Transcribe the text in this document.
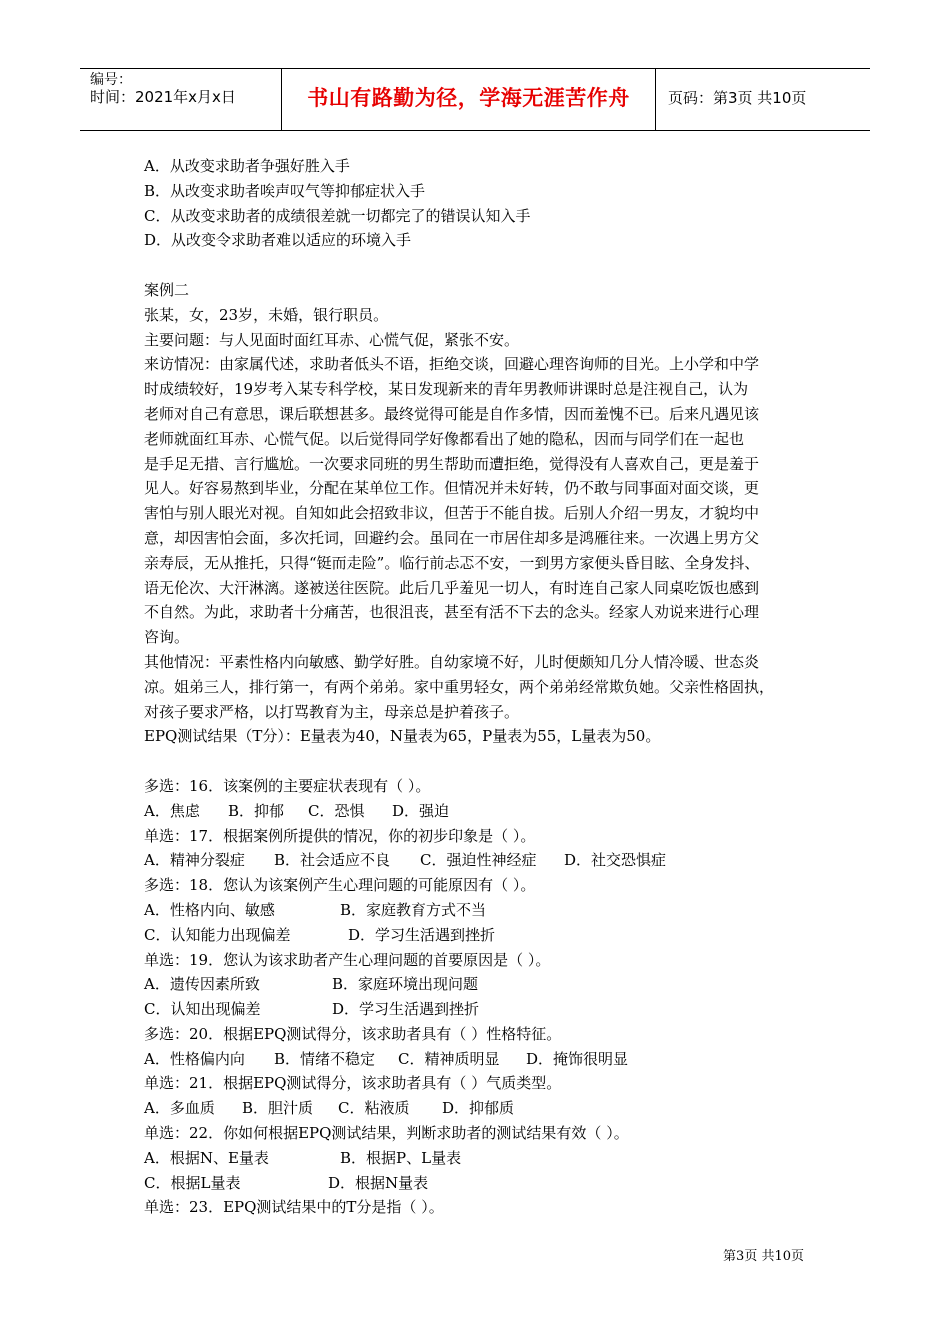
编号：
时间：2021年x月x日	书山有路勤为径，学海无涯苦作舟	页码：第3页 共10页
A．从改变求助者争强好胜入手
B．从改变求助者唉声叹气等抑郁症状入手
C．从改变求助者的成绩很差就一切都完了的错误认知入手
D．从改变令求助者难以适应的环境入手
案例二
张某，女，23岁，未婚，银行职员。
主要问题：与人见面时面红耳赤、心慌气促，紧张不安。
来访情况：由家属代述，求助者低头不语，拒绝交谈，回避心理咨询师的目光。上小学和中学
时成绩较好，19岁考入某专科学校，某日发现新来的青年男教师讲课时总是注视自己，认为
老师对自己有意思，课后联想甚多。最终觉得可能是自作多情，因而羞愧不已。后来凡遇见该
老师就面红耳赤、心慌气促。以后觉得同学好像都看出了她的隐私，因而与同学们在一起也
是手足无措、言行尴尬。一次要求同班的男生帮助而遭拒绝，觉得没有人喜欢自己，更是羞于
见人。好容易熬到毕业，分配在某单位工作。但情况并未好转，仍不敢与同事面对面交谈，更
害怕与别人眼光对视。自知如此会招致非议，但苦于不能自拔。后别人介绍一男友，才貌均中
意，却因害怕会面，多次托词，回避约会。虽同在一市居住却多是鸿雁往来。一次遇上男方父
亲寿辰，无从推托，只得“铤而走险”。临行前忐忑不安，一到男方家便头昏目眩、全身发抖、
语无伦次、大汗淋漓。遂被送往医院。此后几乎羞见一切人，有时连自己家人同桌吃饭也感到
不自然。为此，求助者十分痛苦，也很沮丧，甚至有活不下去的念头。经家人劝说来进行心理
咨询。
其他情况：平素性格内向敏感、勤学好胜。自幼家境不好，儿时便颇知几分人情冷暖、世态炎
凉。姐弟三人，排行第一，有两个弟弟。家中重男轻女，两个弟弟经常欺负她。父亲性格固执，
对孩子要求严格，以打骂教育为主，母亲总是护着孩子。
EPQ测试结果（T分）：E量表为40，N量表为65，P量表为55，L量表为50。
多选：16．该案例的主要症状表现有（ ）。
A．焦虑 B．抑郁 C．恐惧 D．强迫
单选：17．根据案例所提供的情况，你的初步印象是（ ）。
A．精神分裂症 B．社会适应不良 C．强迫性神经症 D．社交恐惧症
多选：18．您认为该案例产生心理问题的可能原因有（ ）。
A．性格内向、敏感	B．家庭教育方式不当
C．认知能力出现偏差	D．学习生活遇到挫折
单选：19．您认为该求助者产生心理问题的首要原因是（ ）。
A．遗传因素所致	B．家庭环境出现问题
C．认知出现偏差	D．学习生活遇到挫折
多选：20．根据EPQ测试得分，该求助者具有（ ）性格特征。
A．性格偏内向 B．情绪不稳定 C．精神质明显 D．掩饰很明显
单选：21．根据EPQ测试得分，该求助者具有（ ）气质类型。
A．多血质 B．胆汁质 C．粘液质 D．抑郁质
单选：22．你如何根据EPQ测试结果，判断求助者的测试结果有效（ ）。
A．根据N、E量表	B．根据P、L量表
C．根据L量表	D．根据N量表
单选：23．EPQ测试结果中的T分是指（ ）。
第3页 共10页
